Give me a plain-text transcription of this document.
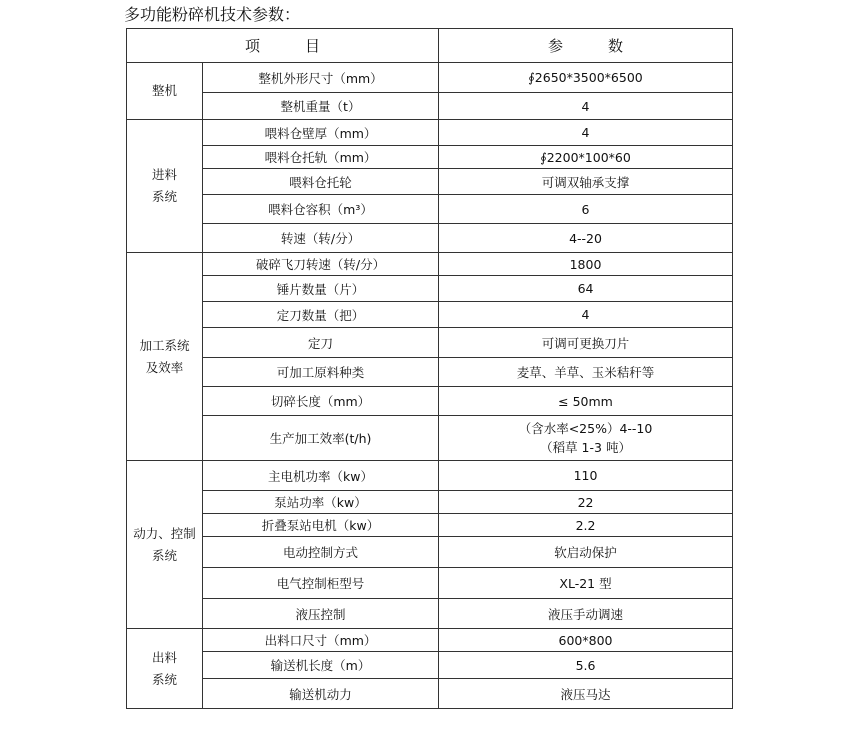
多功能粉碎机技术参数：
项　　　目		参　　　数

整机	整机外形尺寸（mm）	∮2650*3500*6500
	整机重量（t）	4

进料
系统	喂料仓壁厚（mm）	4
	喂料仓托轨（mm）	∮2200*100*60
	喂料仓托轮	可调双轴承支撑
	喂料仓容积（m³）	6
	转速（转/分）	4--20

加工系统
及效率	破碎飞刀转速（转/分）	1800
	锤片数量（片）	64
	定刀数量（把）	4
	定刀	可调可更换刀片
	可加工原料种类	麦草、羊草、玉米秸秆等
	切碎长度（mm）	≤ 50mm
	生产加工效率(t/h)	（含水率<25%）4--10
（稻草 1-3 吨）

动力、控制
系统	主电机功率（kw）	110
	泵站功率（kw）	22
	折叠泵站电机（kw）	2.2
	电动控制方式	软启动保护
	电气控制柜型号	XL-21 型
	液压控制	液压手动调速

出料
系统	出料口尺寸（mm）	600*800
	输送机长度（m）	5.6
	输送机动力	液压马达
